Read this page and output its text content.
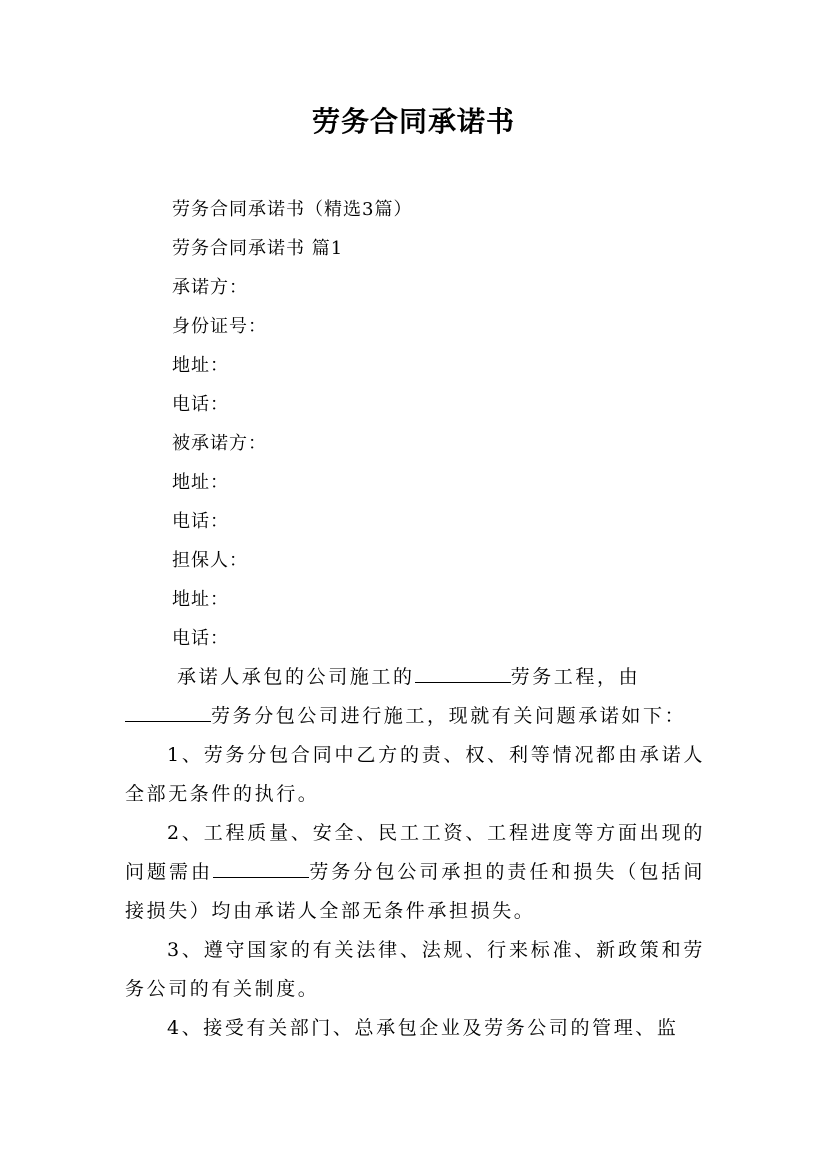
劳务合同承诺书
劳务合同承诺书（精选3篇）
劳务合同承诺书 篇1
承诺方：
身份证号：
地址：
电话：
被承诺方：
地址：
电话：
担保人：
地址：
电话：
承诺人承包的公司施工的	劳务工程，由
劳务分包公司进行施工，现就有关问题承诺如下：
1、劳务分包合同中乙方的责、权、利等情况都由承诺人全部无条件的执行。
2、工程质量、安全、民工工资、工程进度等方面出现的问题需由	劳务分包公司承担的责任和损失（包括间接损失）均由承诺人全部无条件承担损失。
3、遵守国家的有关法律、法规、行来标准、新政策和劳务公司的有关制度。
4、接受有关部门、总承包企业及劳务公司的管理、监
